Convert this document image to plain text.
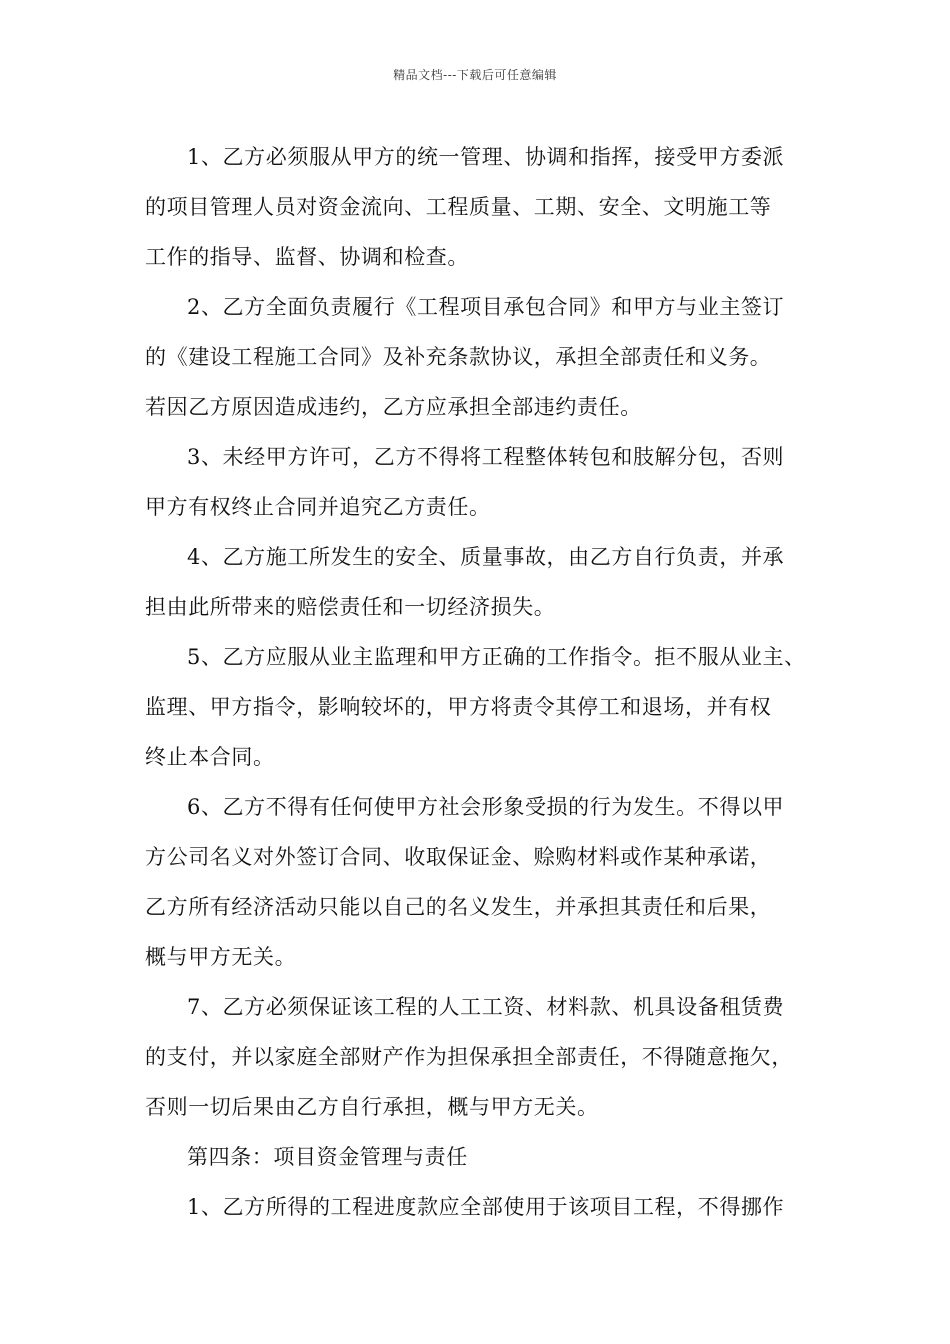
精品文档---下载后可任意编辑
1、乙方必须服从甲方的统一管理、协调和指挥，接受甲方委派
的项目管理人员对资金流向、工程质量、工期、安全、文明施工等
工作的指导、监督、协调和检查。
2、乙方全面负责履行《工程项目承包合同》和甲方与业主签订
的《建设工程施工合同》及补充条款协议，承担全部责任和义务。
若因乙方原因造成违约，乙方应承担全部违约责任。
3、未经甲方许可，乙方不得将工程整体转包和肢解分包，否则
甲方有权终止合同并追究乙方责任。
4、乙方施工所发生的安全、质量事故，由乙方自行负责，并承
担由此所带来的赔偿责任和一切经济损失。
5、乙方应服从业主监理和甲方正确的工作指令。拒不服从业主、
监理、甲方指令，影响较坏的，甲方将责令其停工和退场，并有权
终止本合同。
6、乙方不得有任何使甲方社会形象受损的行为发生。不得以甲
方公司名义对外签订合同、收取保证金、赊购材料或作某种承诺，
乙方所有经济活动只能以自己的名义发生，并承担其责任和后果，
概与甲方无关。
7、乙方必须保证该工程的人工工资、材料款、机具设备租赁费
的支付，并以家庭全部财产作为担保承担全部责任，不得随意拖欠，
否则一切后果由乙方自行承担，概与甲方无关。
第四条：项目资金管理与责任
1、乙方所得的工程进度款应全部使用于该项目工程，不得挪作
